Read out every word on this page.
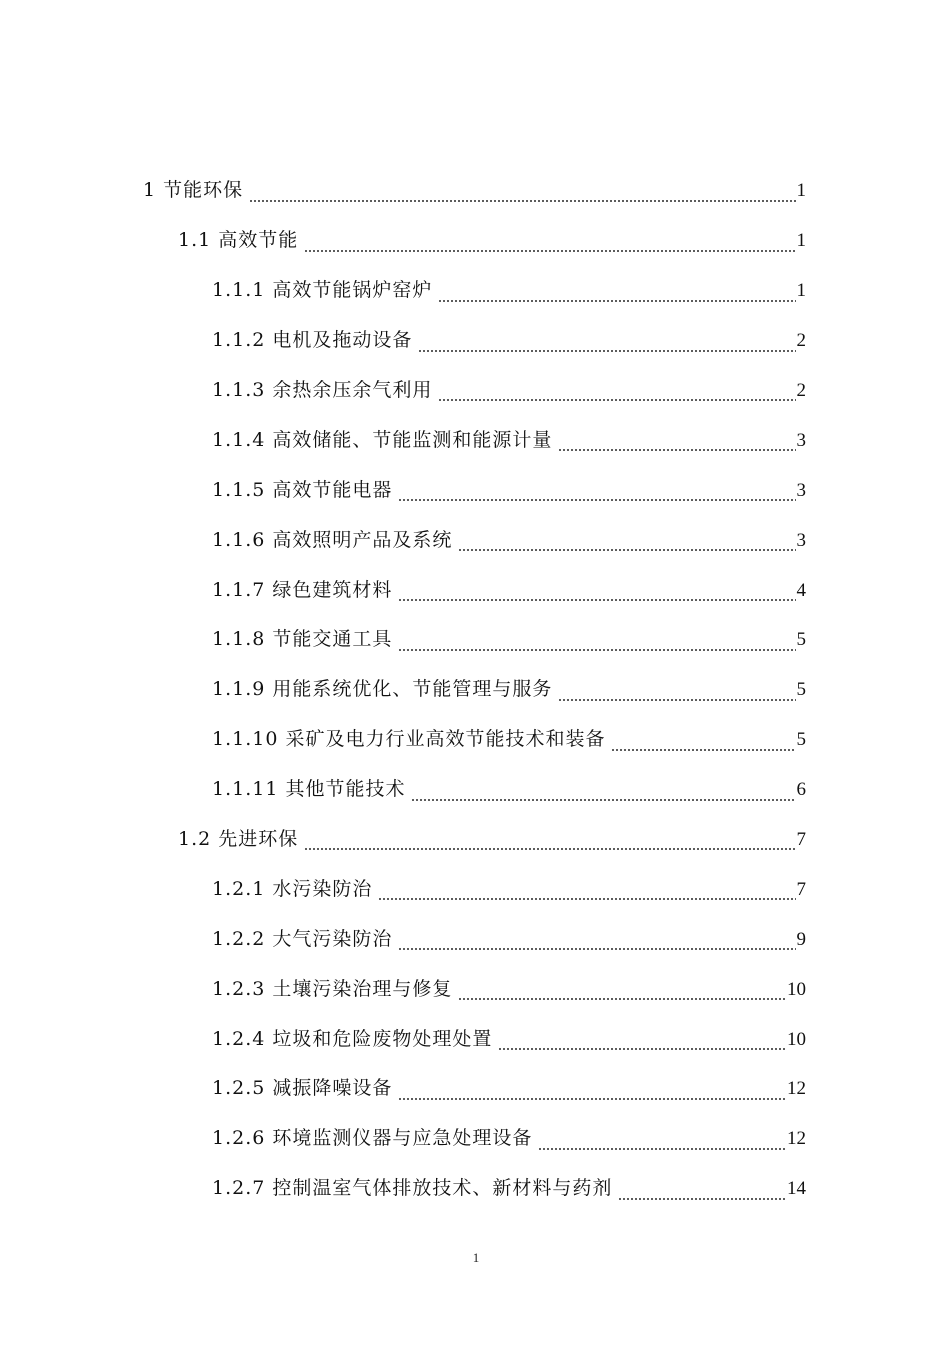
1 节能环保	1
1.1 高效节能	1
1.1.1 高效节能锅炉窑炉	1
1.1.2 电机及拖动设备	2
1.1.3 余热余压余气利用	2
1.1.4 高效储能、节能监测和能源计量	3
1.1.5 高效节能电器	3
1.1.6 高效照明产品及系统	3
1.1.7 绿色建筑材料	4
1.1.8 节能交通工具	5
1.1.9 用能系统优化、节能管理与服务	5
1.1.10 采矿及电力行业高效节能技术和装备	5
1.1.11 其他节能技术	6
1.2 先进环保	7
1.2.1 水污染防治	7
1.2.2 大气污染防治	9
1.2.3 土壤污染治理与修复	10
1.2.4 垃圾和危险废物处理处置	10
1.2.5 减振降噪设备	12
1.2.6 环境监测仪器与应急处理设备	12
1.2.7 控制温室气体排放技术、新材料与药剂	14
1
